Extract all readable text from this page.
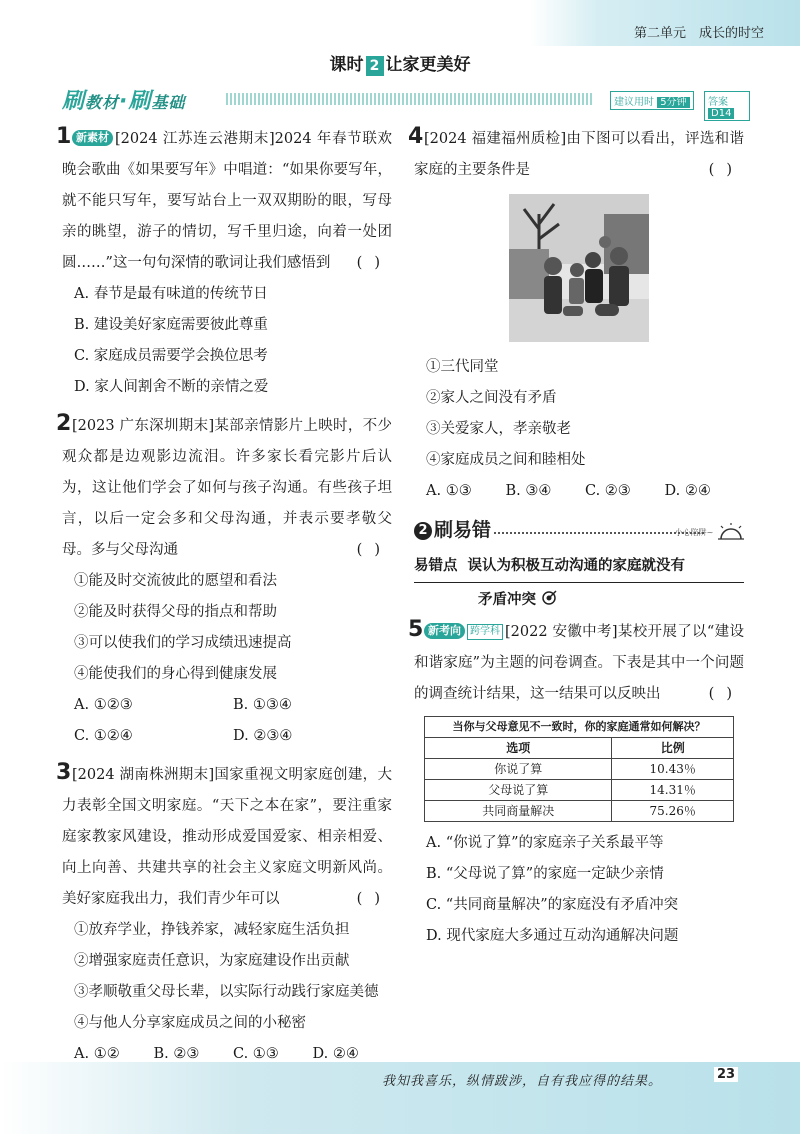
第二单元　成长的时空
课时 2 让家更美好
刷教材·刷基础	建议用时 5分钟	答案 D14
1 新素材 [2024 江苏连云港期末]2024 年春节联欢晚会歌曲《如果要写年》中唱道：“如果你要写年，就不能只写年，要写站台上一双双期盼的眼，写母亲的眺望，游子的情切，写千里归途，向着一处团圆……”这一句句深情的歌词让我们感悟到	()
A. 春节是最有味道的传统节日
B. 建设美好家庭需要彼此尊重
C. 家庭成员需要学会换位思考
D. 家人间割舍不断的亲情之爱
2 [2023 广东深圳期末]某部亲情影片上映时，不少观众都是边观影边流泪。许多家长看完影片后认为，这让他们学会了如何与孩子沟通。有些孩子坦言，以后一定会多和父母沟通，并表示要孝敬父母。多与父母沟通	()
①能及时交流彼此的愿望和看法
②能及时获得父母的指点和帮助
③可以使我们的学习成绩迅速提高
④能使我们的身心得到健康发展
A. ①②③	B. ①③④
C. ①②④	D. ②③④
3 [2024 湖南株洲期末]国家重视文明家庭创建，大力表彰全国文明家庭。“天下之本在家”，要注重家庭家教家风建设，推动形成爱国爱家、相亲相爱、向上向善、共建共享的社会主义家庭文明新风尚。美好家庭我出力，我们青少年可以	()
①放弃学业，挣钱养家，减轻家庭生活负担
②增强家庭责任意识，为家庭建设作出贡献
③孝顺敬重父母长辈，以实际行动践行家庭美德
④与他人分享家庭成员之间的小秘密
A. ①②	B. ②③	C. ①③	D. ②④
4 [2024 福建福州质检]由下图可以看出，评选和谐家庭的主要条件是	()
①三代同堂
②家人之间没有矛盾
③关爱家人，孝亲敬老
④家庭成员之间和睦相处
A. ①③	B. ③④	C. ②③	D. ②④
2 刷易错	$^{小心陷阱\sim}$
易错点 误认为积极互动沟通的家庭就没有
矛盾冲突
5 新考向 跨学科 [2022 安徽中考]某校开展了以“建设和谐家庭”为主题的问卷调查。下表是其中一个问题的调查统计结果，这一结果可以反映出	()
当你与父母意见不一致时，你的家庭通常如何解决？	
选项	比例
你说了算	10.43％
父母说了算	14.31％
共同商量解决	75.26％
A. “你说了算”的家庭亲子关系最平等
B. “父母说了算”的家庭一定缺少亲情
C. “共同商量解决”的家庭没有矛盾冲突
D. 现代家庭大多通过互动沟通解决问题
我知我喜乐，纵情跋涉，自有我应得的结果。	23
